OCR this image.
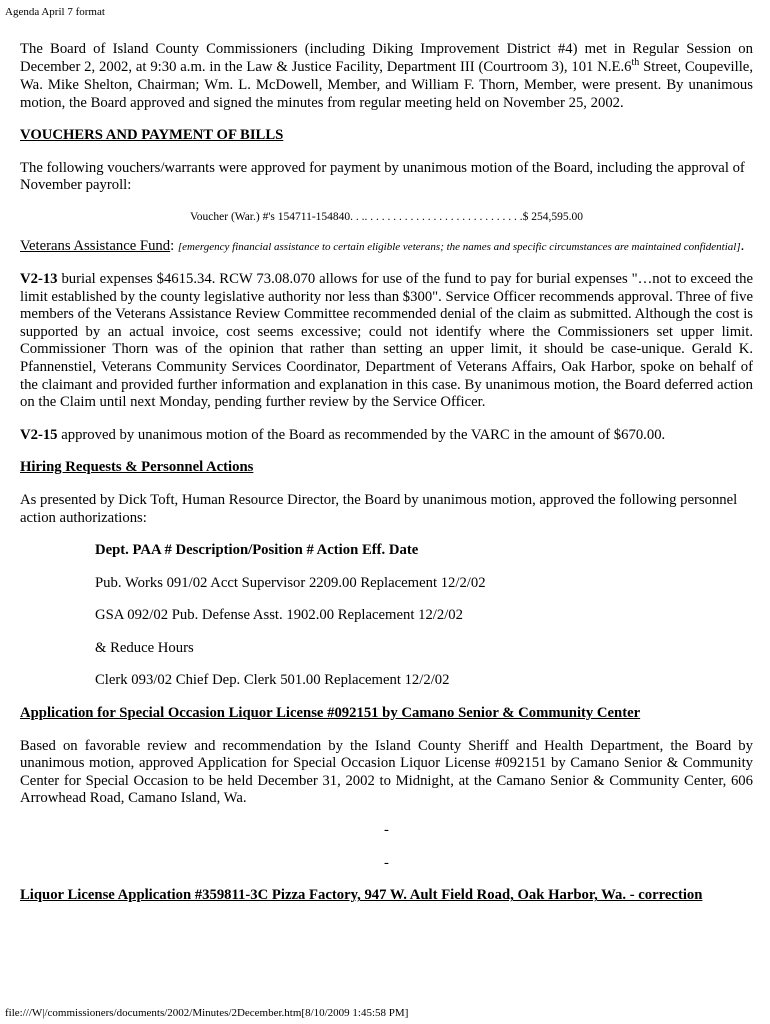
Agenda April 7 format

The Board of Island County Commissioners (including Diking Improvement District #4) met in Regular Session on December 2, 2002, at 9:30 a.m. in the Law & Justice Facility, Department III (Courtroom 3), 101 N.E.6th Street, Coupeville, Wa. Mike Shelton, Chairman; Wm. L. McDowell, Member, and William F. Thorn, Member, were present. By unanimous motion, the Board approved and signed the minutes from regular meeting held on November 25, 2002.

VOUCHERS AND PAYMENT OF BILLS

The following vouchers/warrants were approved for payment by unanimous motion of the Board, including the approval of November payroll:

Voucher (War.) #'s 154711-154840. . .. . . . . . . . . . . . . . . . . . . . . . . . . . . .$ 254,595.00

Veterans Assistance Fund: [emergency financial assistance to certain eligible veterans; the names and specific circumstances are maintained confidential].

V2-13 burial expenses $4615.34. RCW 73.08.070 allows for use of the fund to pay for burial expenses "…not to exceed the limit established by the county legislative authority nor less than $300". Service Officer recommends approval. Three of five members of the Veterans Assistance Review Committee recommended denial of the claim as submitted. Although the cost is supported by an actual invoice, cost seems excessive; could not identify where the Commissioners set upper limit. Commissioner Thorn was of the opinion that rather than setting an upper limit, it should be case-unique. Gerald K. Pfannenstiel, Veterans Community Services Coordinator, Department of Veterans Affairs, Oak Harbor, spoke on behalf of the claimant and provided further information and explanation in this case. By unanimous motion, the Board deferred action on the Claim until next Monday, pending further review by the Service Officer.

V2-15 approved by unanimous motion of the Board as recommended by the VARC in the amount of $670.00.

Hiring Requests & Personnel Actions

As presented by Dick Toft, Human Resource Director, the Board by unanimous motion, approved the following personnel action authorizations:

Dept. PAA # Description/Position # Action Eff. Date

Pub. Works 091/02 Acct Supervisor 2209.00 Replacement 12/2/02

GSA 092/02 Pub. Defense Asst. 1902.00 Replacement 12/2/02

& Reduce Hours

Clerk 093/02 Chief Dep. Clerk 501.00 Replacement 12/2/02

Application for Special Occasion Liquor License #092151 by Camano Senior & Community Center

Based on favorable review and recommendation by the Island County Sheriff and Health Department, the Board by unanimous motion, approved Application for Special Occasion Liquor License #092151 by Camano Senior & Community Center for Special Occasion to be held December 31, 2002 to Midnight, at the Camano Senior & Community Center, 606 Arrowhead Road, Camano Island, Wa.

-

-

Liquor License Application #359811-3C Pizza Factory, 947 W. Ault Field Road, Oak Harbor, Wa. - correction

file:///W|/commissioners/documents/2002/Minutes/2December.htm[8/10/2009 1:45:58 PM]
